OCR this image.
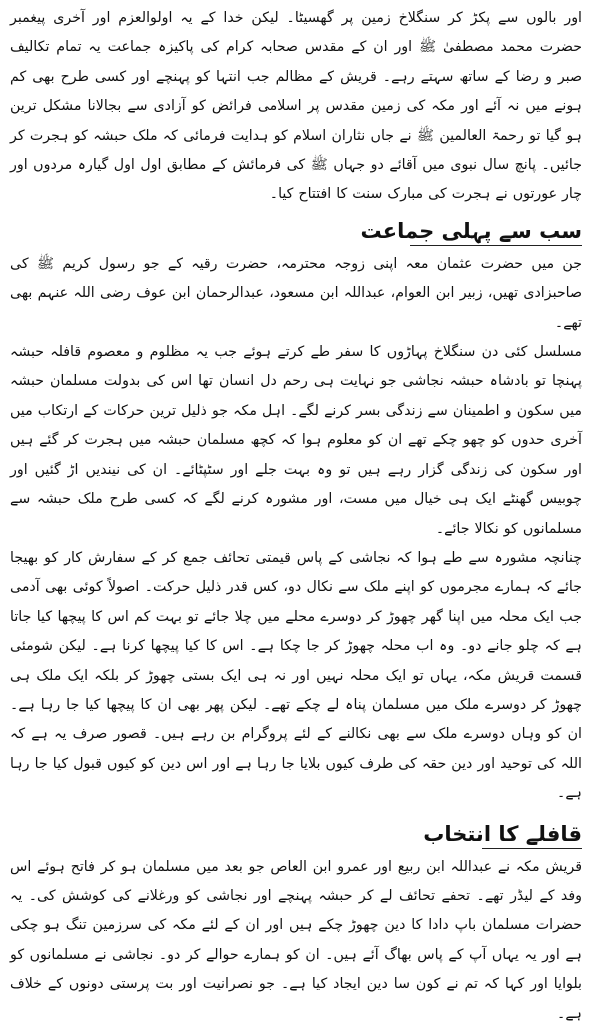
اور بالوں سے پکڑ کر سنگلاخ زمین پر گھسیٹا۔ لیکن خدا کے یہ اولوالعزم اور آخری پیغمبر حضرت محمد مصطفیٰ ﷺ اور ان کے مقدس صحابہ کرام کی پاکیزہ جماعت یہ تمام تکالیف صبر و رضا کے ساتھ سہتے رہے۔ قریش کے مظالم جب انتہا کو پہنچے اور کسی طرح بھی کم ہونے میں نہ آئے اور مکہ کی زمین مقدس پر اسلامی فرائض کو آزادی سے بجالانا مشکل ترین ہو گیا تو رحمۃ العالمین ﷺ نے جاں نثاران اسلام کو ہدایت فرمائی کہ ملک حبشہ کو ہجرت کر جائیں۔ پانچ سال نبوی میں آقائے دو جہاں ﷺ کی فرمائش کے مطابق اول اول گیارہ مردوں اور چار عورتوں نے ہجرت کی مبارک سنت کا افتتاح کیا۔

سب سے پہلی جماعت

جن میں حضرت عثمان معہ اپنی زوجہ محترمہ، حضرت رقیہ کے جو رسول کریم ﷺ کی صاحبزادی تھیں، زبیر ابن العوام، عبداللہ ابن مسعود، عبدالرحمان ابن عوف رضی اللہ عنہم بھی تھے۔

مسلسل کئی دن سنگلاخ پہاڑوں کا سفر طے کرتے ہوئے جب یہ مظلوم و معصوم قافلہ حبشہ پہنچا تو بادشاہ حبشہ نجاشی جو نہایت ہی رحم دل انسان تھا اس کی بدولت مسلمان حبشہ میں سکون و اطمینان سے زندگی بسر کرنے لگے۔ اہل مکہ جو ذلیل ترین حرکات کے ارتکاب میں آخری حدوں کو چھو چکے تھے ان کو معلوم ہوا کہ کچھ مسلمان حبشہ میں ہجرت کر گئے ہیں اور سکون کی زندگی گزار رہے ہیں تو وہ بہت جلے اور سٹپٹائے۔ ان کی نیندیں اڑ گئیں اور چوبیس گھنٹے ایک ہی خیال میں مست، اور مشورہ کرنے لگے کہ کسی طرح ملک حبشہ سے مسلمانوں کو نکالا جائے۔

چنانچہ مشورہ سے طے ہوا کہ نجاشی کے پاس قیمتی تحائف جمع کر کے سفارش کار کو بھیجا جائے کہ ہمارے مجرموں کو اپنے ملک سے نکال دو، کس قدر ذلیل حرکت۔ اصولاً کوئی بھی آدمی جب ایک محلہ میں اپنا گھر چھوڑ کر دوسرے محلے میں چلا جائے تو بہت کم اس کا پیچھا کیا جاتا ہے کہ چلو جانے دو۔ وہ اب محلہ چھوڑ کر جا چکا ہے۔ اس کا کیا پیچھا کرنا ہے۔ لیکن شومئی قسمت قریش مکہ، یہاں تو ایک محلہ نہیں اور نہ ہی ایک بستی چھوڑ کر بلکہ ایک ملک ہی چھوڑ کر دوسرے ملک میں مسلمان پناہ لے چکے تھے۔ لیکن پھر بھی ان کا پیچھا کیا جا رہا ہے۔ ان کو وہاں دوسرے ملک سے بھی نکالنے کے لئے پروگرام بن رہے ہیں۔ قصور صرف یہ ہے کہ اللہ کی توحید اور دین حقہ کی طرف کیوں بلایا جا رہا ہے اور اس دین کو کیوں قبول کیا جا رہا ہے۔

قافلے کا انتخاب

قریش مکہ نے عبداللہ ابن ربیع اور عمرو ابن العاص جو بعد میں مسلمان ہو کر فاتح ہوئے اس وفد کے لیڈر تھے۔ تحفے تحائف لے کر حبشہ پہنچے اور نجاشی کو ورغلانے کی کوشش کی۔ یہ حضرات مسلمان باپ دادا کا دین چھوڑ چکے ہیں اور ان کے لئے مکہ کی سرزمین تنگ ہو چکی ہے اور یہ یہاں آپ کے پاس بھاگ آئے ہیں۔ ان کو ہمارے حوالے کر دو۔ نجاشی نے مسلمانوں کو بلوایا اور کہا کہ تم نے کون سا دین ایجاد کیا ہے۔ جو نصرانیت اور بت پرستی دونوں کے خلاف ہے۔
